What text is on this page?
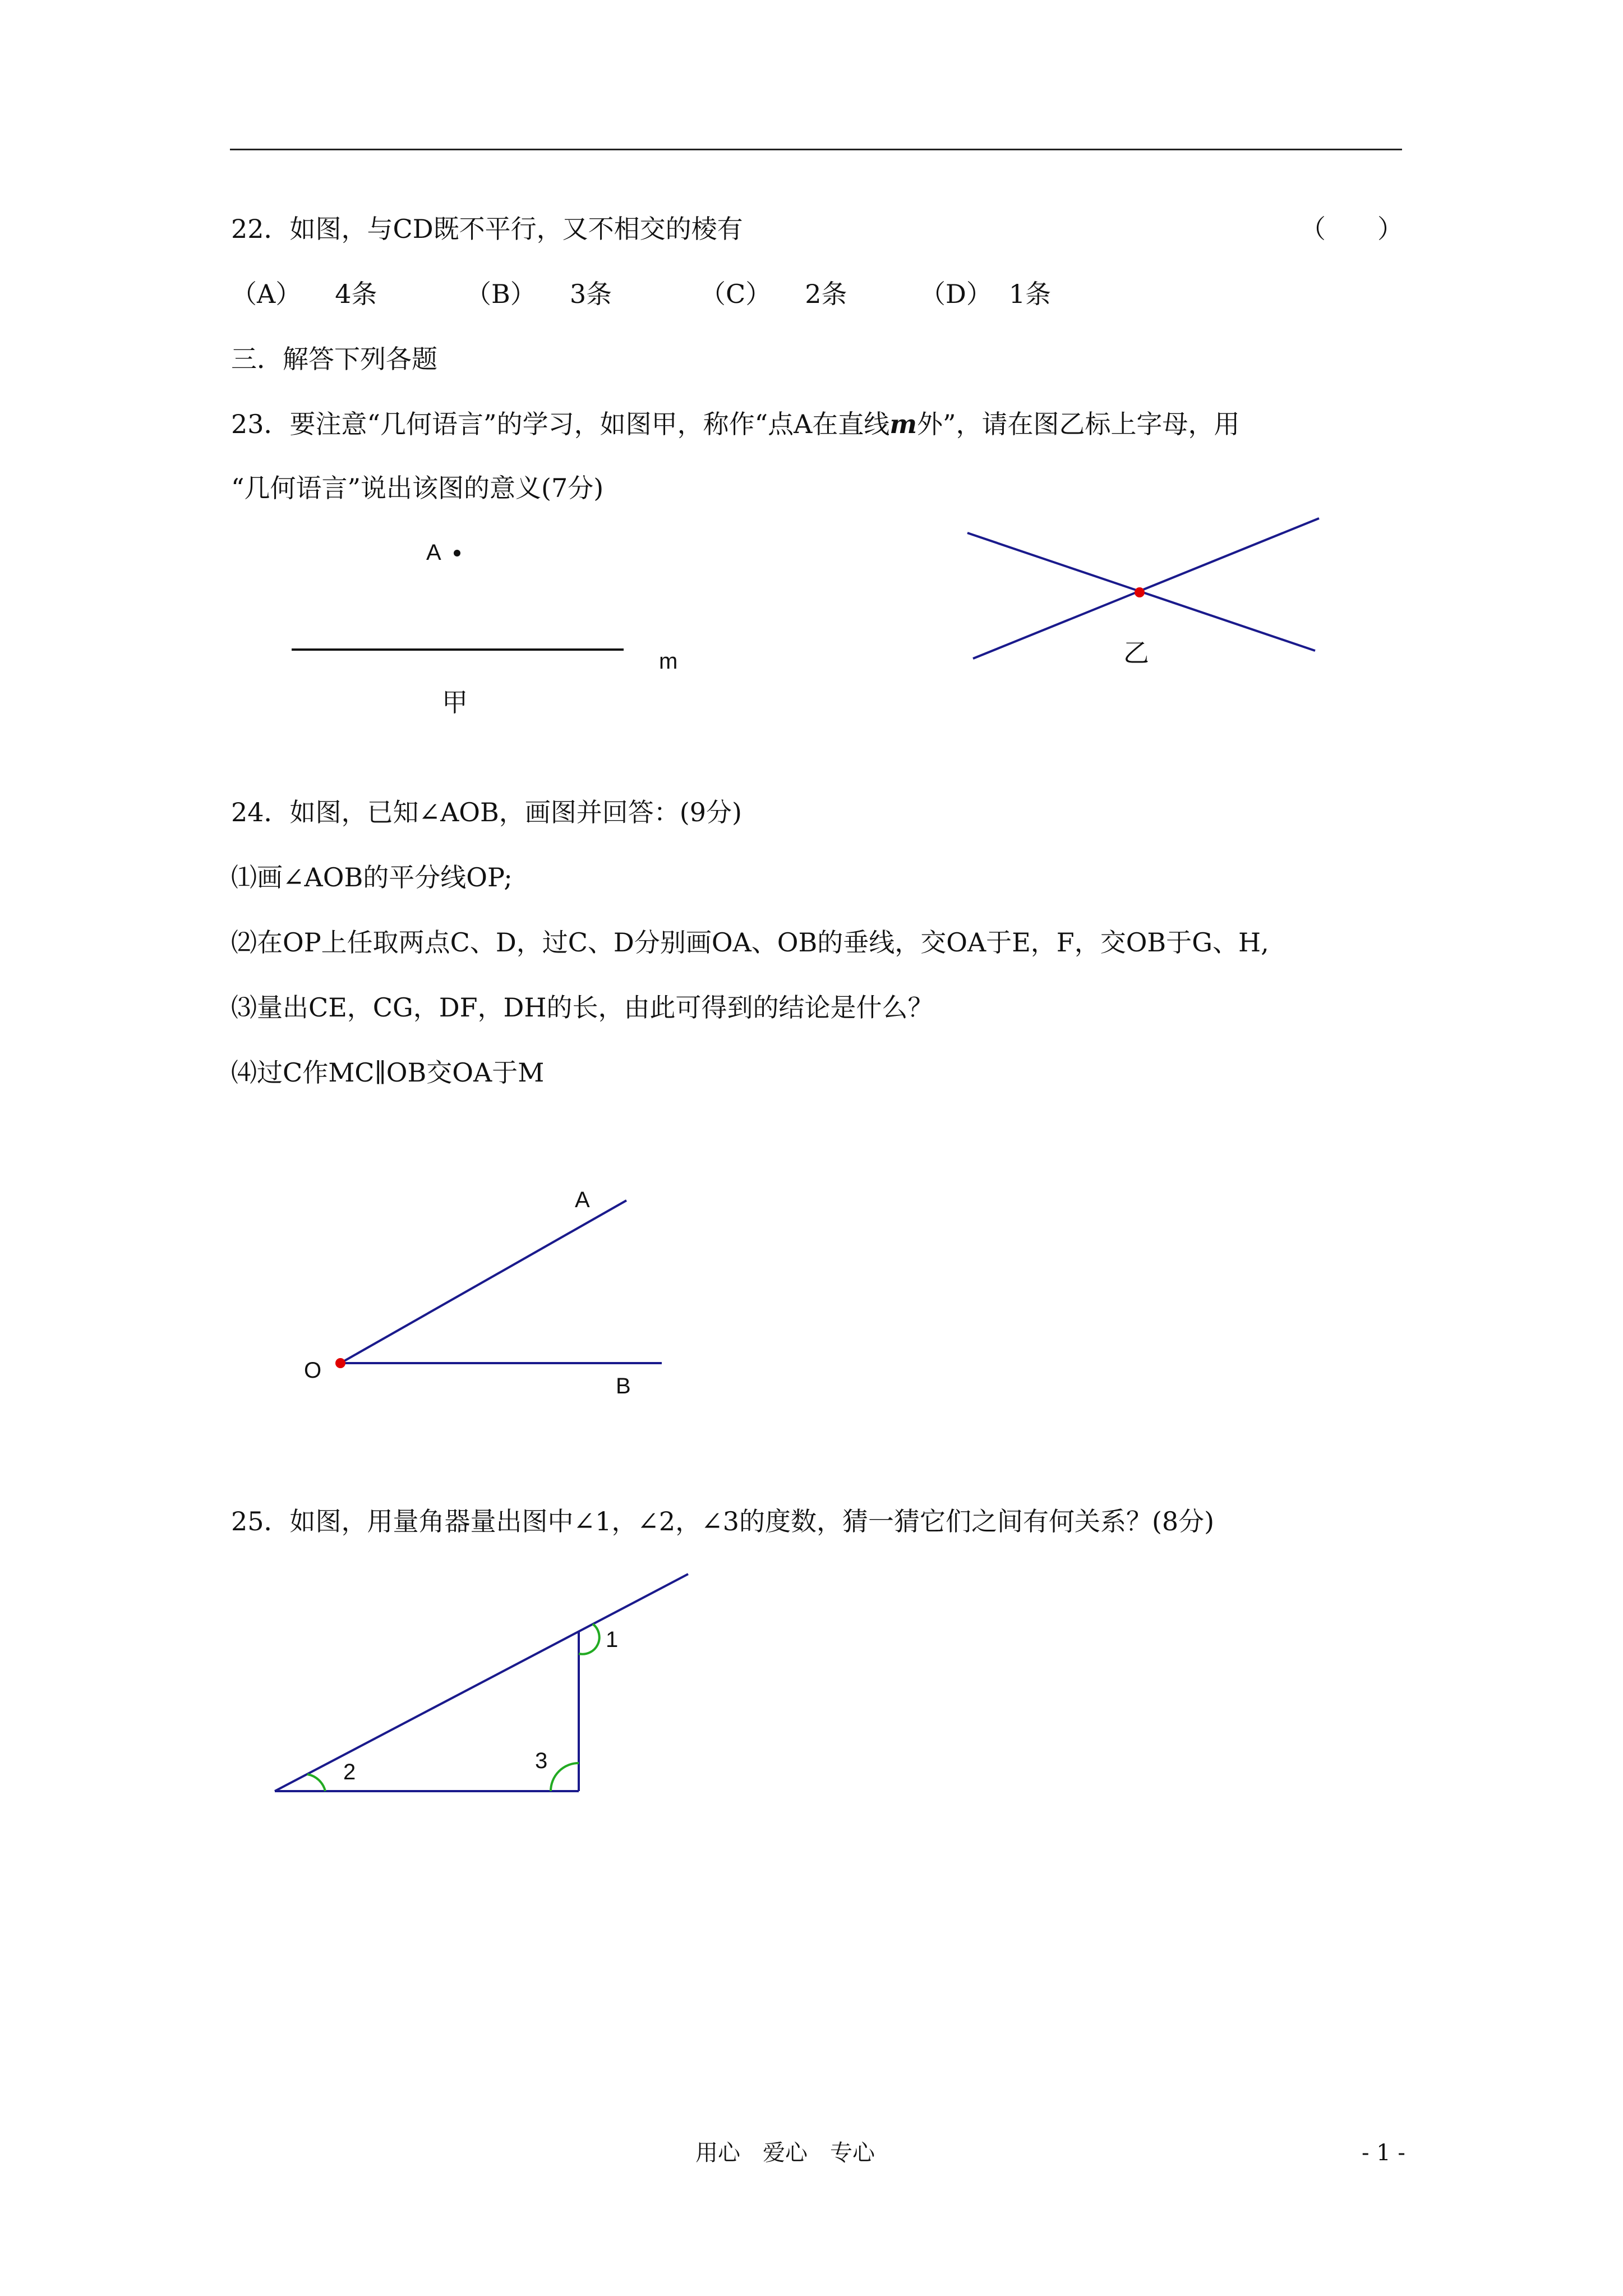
22．如图，与CD既不平行，又不相交的棱有	（　　）
（A） 4条	（B） 3条	（C） 2条	（D） 1条
三．解答下列各题
23．要注意“几何语言”的学习，如图甲，称作“点A在直线m外”，请在图乙标上字母，用
“几何语言”说出该图的意义(7分)
A
m
甲
乙
A
O
B
1
2	3
24．如图，已知∠AOB，画图并回答：(9分)
⑴画∠AOB的平分线OP;
⑵在OP上任取两点C、D，过C、D分别画OA、OB的垂线，交OA于E，F，交OB于G、H,
⑶量出CE，CG，DF，DH的长，由此可得到的结论是什么？
⑷过C作MC∥OB交OA于M
25．如图，用量角器量出图中∠1，∠2，∠3的度数，猜一猜它们之间有何关系？(8分)
用心　爱心　专心	- 1 -
